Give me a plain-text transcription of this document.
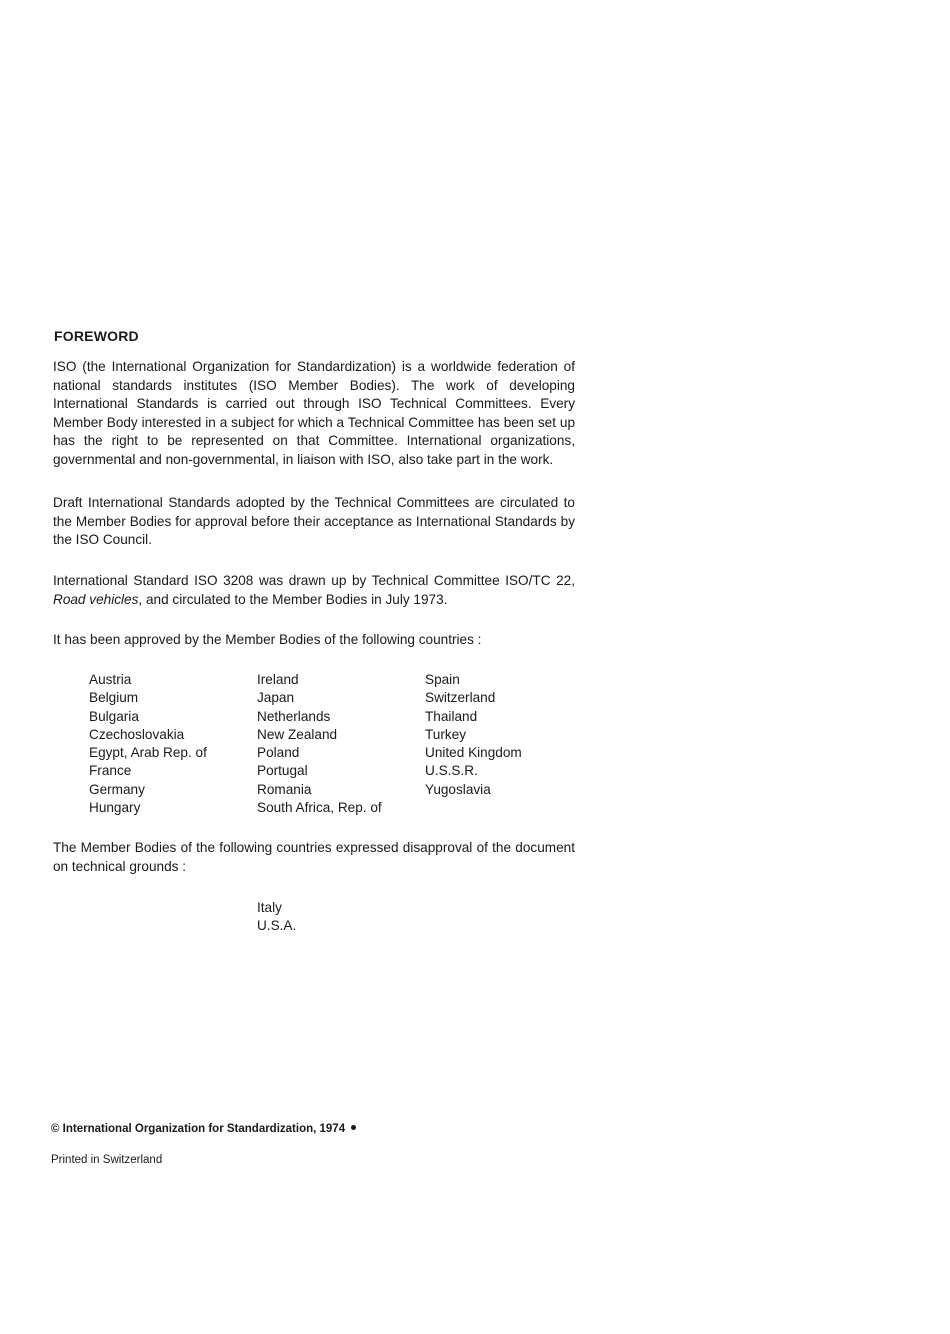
FOREWORD

ISO (the International Organization for Standardization) is a worldwide federation of national standards institutes (ISO Member Bodies). The work of developing International Standards is carried out through ISO Technical Committees. Every Member Body interested in a subject for which a Technical Committee has been set up has the right to be represented on that Committee. International organizations, governmental and non-governmental, in liaison with ISO, also take part in the work.

Draft International Standards adopted by the Technical Committees are circulated to the Member Bodies for approval before their acceptance as International Standards by the ISO Council.

International Standard ISO 3208 was drawn up by Technical Committee ISO/TC 22, Road vehicles, and circulated to the Member Bodies in July 1973.

It has been approved by the Member Bodies of the following countries :

Austria
Belgium
Bulgaria
Czechoslovakia
Egypt, Arab Rep. of
France
Germany
Hungary
Ireland
Japan
Netherlands
New Zealand
Poland
Portugal
Romania
South Africa, Rep. of
Spain
Switzerland
Thailand
Turkey
United Kingdom
U.S.S.R.
Yugoslavia

The Member Bodies of the following countries expressed disapproval of the document on technical grounds :

Italy
U.S.A.

© International Organization for Standardization, 1974

Printed in Switzerland
